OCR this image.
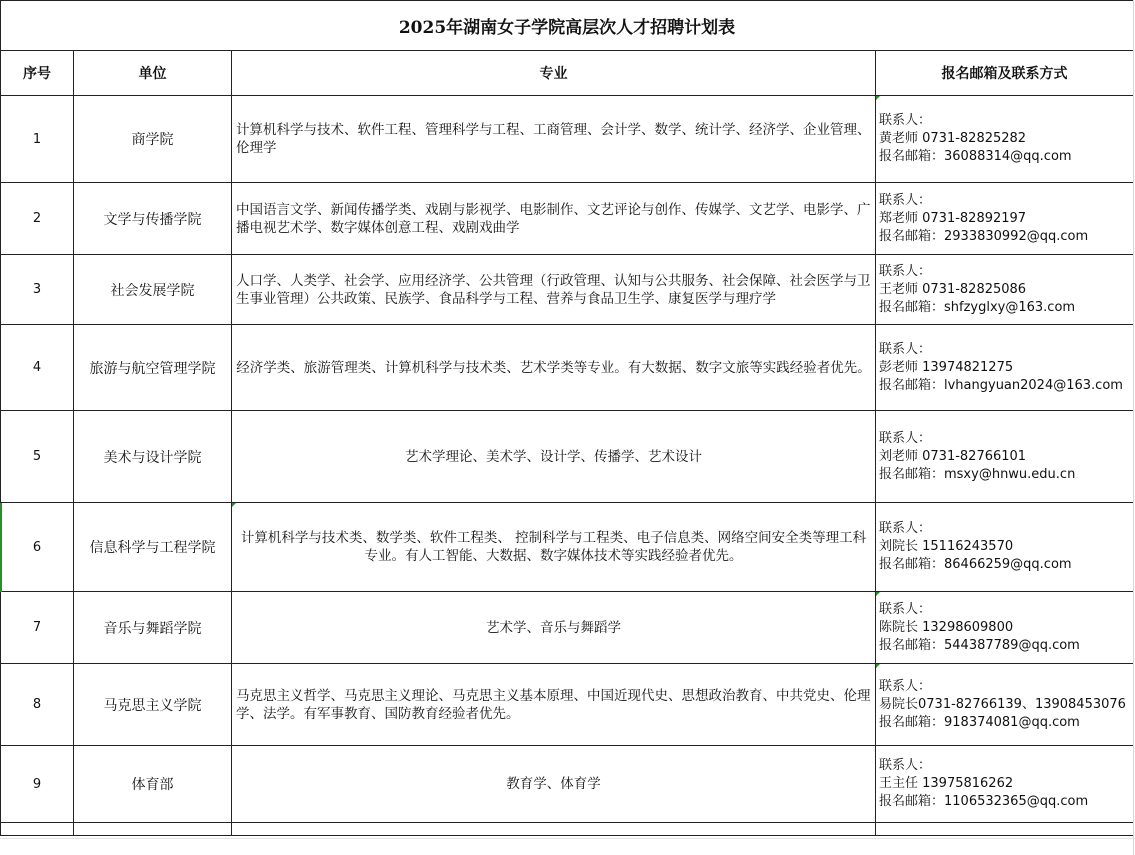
2025年湖南女子学院高层次人才招聘计划表			
序号	单位	专业	报名邮箱及联系方式
1	商学院	计算机科学与技术、软件工程、管理科学与工程、工商管理、会计学、数学、统计学、经济学、企业管理、伦理学	联系人：
黄老师 0731-82825282
报名邮箱：36088314@qq.com

2	文学与传播学院	中国语言文学、新闻传播学类、戏剧与影视学、电影制作、文艺评论与创作、传媒学、文艺学、电影学、广播电视艺术学、数字媒体创意工程、戏剧戏曲学	联系人：
郑老师 0731-82892197
报名邮箱：2933830992@qq.com

3	社会发展学院	人口学、人类学、社会学、应用经济学、公共管理（行政管理、认知与公共服务、社会保障、社会医学与卫生事业管理）公共政策、民族学、食品科学与工程、营养与食品卫生学、康复医学与理疗学	联系人：
王老师 0731-82825086
报名邮箱：shfzyglxy@163.com

4	旅游与航空管理学院	经济学类、旅游管理类、计算机科学与技术类、艺术学类等专业。有大数据、数字文旅等实践经验者优先。	联系人：
彭老师 13974821275
报名邮箱：lvhangyuan2024@163.com

5	美术与设计学院	艺术学理论、美术学、设计学、传播学、艺术设计	联系人：
刘老师 0731-82766101
报名邮箱：msxy@hnwu.edu.cn

6	信息科学与工程学院	计算机科学与技术类、数学类、软件工程类、 控制科学与工程类、电子信息类、网络空间安全类等理工科专业。有人工智能、大数据、数字媒体技术等实践经验者优先。	联系人：
刘院长 15116243570
报名邮箱：86466259@qq.com

7	音乐与舞蹈学院	艺术学、音乐与舞蹈学	联系人：
陈院长 13298609800
报名邮箱：544387789@qq.com

8	马克思主义学院	马克思主义哲学、马克思主义理论、马克思主义基本原理、中国近现代史、思想政治教育、中共党史、伦理学、法学。有军事教育、国防教育经验者优先。	联系人：
易院长0731-82766139、13908453076
报名邮箱：918374081@qq.com

9	体育部	教育学、体育学	联系人：
王主任 13975816262
报名邮箱：1106532365@qq.com
